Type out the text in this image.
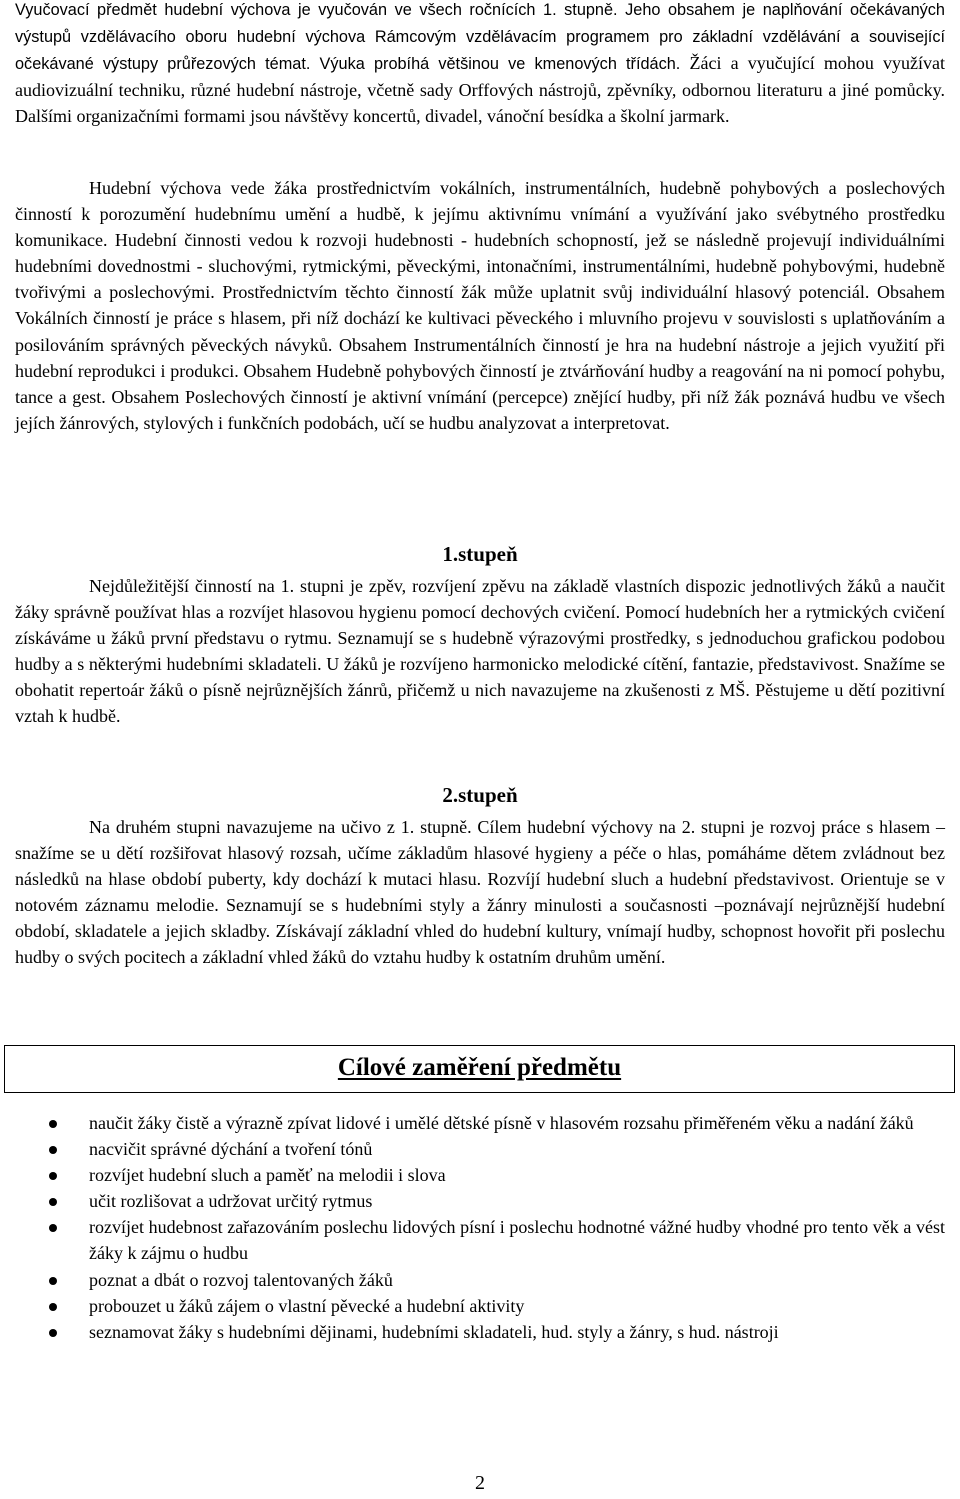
Vyučovací předmět hudební výchova je vyučován ve všech ročnících 1. stupně. Jeho obsahem je naplňování očekávaných výstupů vzdělávacího oboru hudební výchova Rámcovým vzdělávacím programem pro základní vzdělávání a související očekávané výstupy průřezových témat. Výuka probíhá většinou ve kmenových třídách. Žáci a vyučující mohou využívat audiovizuální techniku, různé hudební nástroje, včetně sady Orffových nástrojů, zpěvníky, odbornou literaturu a jiné pomůcky. Dalšími organizačními formami jsou návštěvy koncertů, divadel, vánoční besídka a školní jarmark.

Hudební výchova vede žáka prostřednictvím vokálních, instrumentálních, hudebně pohybových a poslechových činností k porozumění hudebnímu umění a hudbě, k jejímu aktivnímu vnímání a využívání jako svébytného prostředku komunikace. Hudební činnosti vedou k rozvoji hudebnosti - hudebních schopností, jež se následně projevují individuálními hudebními dovednostmi - sluchovými, rytmickými, pěveckými, intonačními, instrumentálními, hudebně pohybovými, hudebně tvořivými a poslechovými. Prostřednictvím těchto činností žák může uplatnit svůj individuální hlasový potenciál. Obsahem Vokálních činností je práce s hlasem, při níž dochází ke kultivaci pěveckého i mluvního projevu v souvislosti s uplatňováním a posilováním správných pěveckých návyků. Obsahem Instrumentálních činností je hra na hudební nástroje a jejich využití při hudební reprodukci i produkci. Obsahem Hudebně pohybových činností je ztvárňování hudby a reagování na ni pomocí pohybu, tance a gest. Obsahem Poslechových činností je aktivní vnímání (percepce) znějící hudby, při níž žák poznává hudbu ve všech jejích žánrových, stylových i funkčních podobách, učí se hudbu analyzovat a interpretovat.

1.stupeň

Nejdůležitější činností na 1. stupni je zpěv, rozvíjení zpěvu na základě vlastních dispozic jednotlivých žáků a naučit žáky správně používat hlas a rozvíjet hlasovou hygienu pomocí dechových cvičení. Pomocí hudebních her a rytmických cvičení získáváme u žáků první představu o rytmu. Seznamují se s hudebně výrazovými prostředky, s jednoduchou grafickou podobou hudby a s některými hudebními skladateli. U žáků je rozvíjeno harmonicko melodické cítění, fantazie, představivost. Snažíme se obohatit repertoár žáků o písně nejrůznějších žánrů, přičemž u nich navazujeme na zkušenosti z MŠ. Pěstujeme u dětí pozitivní vztah k hudbě.

2.stupeň

Na druhém stupni navazujeme na učivo z 1. stupně. Cílem hudební výchovy na 2. stupni je rozvoj práce s hlasem – snažíme se u dětí rozšiřovat hlasový rozsah, učíme základům hlasové hygieny a péče o hlas, pomáháme dětem zvládnout bez následků na hlase období puberty, kdy dochází k mutaci hlasu. Rozvíjí hudební sluch a hudební představivost. Orientuje se v notovém záznamu melodie. Seznamují se s hudebními styly a žánry minulosti a současnosti –poznávají nejrůznější hudební období, skladatele a jejich skladby. Získávají základní vhled do hudební kultury, vnímají hudby, schopnost hovořit při poslechu hudby o svých pocitech a základní vhled žáků do vztahu hudby k ostatním druhům umění.

Cílové zaměření předmětu
naučit žáky čistě a výrazně zpívat lidové i umělé dětské písně v hlasovém rozsahu přiměřeném věku a nadání žáků
nacvičit správné dýchání a tvoření tónů
rozvíjet hudební sluch a paměť na melodii i slova
učit rozlišovat a udržovat určitý rytmus
rozvíjet hudebnost zařazováním poslechu lidových písní i poslechu hodnotné vážné hudby vhodné pro tento věk a vést žáky k zájmu o hudbu
poznat a dbát o rozvoj talentovaných žáků
probouzet u žáků zájem o vlastní pěvecké a hudební aktivity
seznamovat žáky s hudebními dějinami, hudebními skladateli, hud. styly a žánry, s hud. nástroji
2
